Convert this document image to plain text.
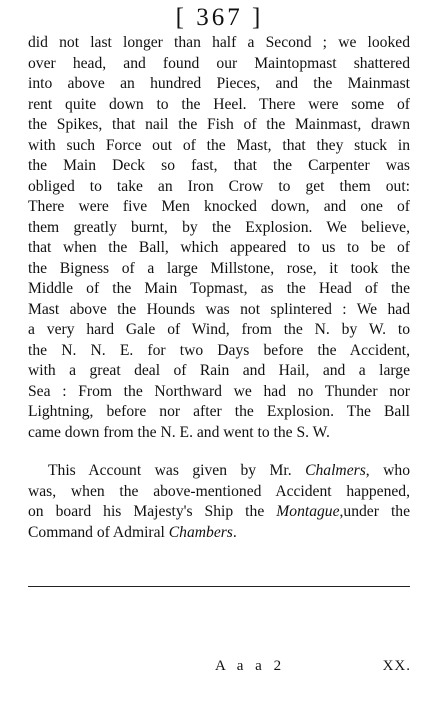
[ 367 ]
did not last longer than half a Second ; we looked
over head, and found our Maintopmast shattered
into above an hundred Pieces, and the Mainmast
rent quite down to the Heel. There were some of
the Spikes, that nail the Fish of the Mainmast, drawn
with such Force out of the Mast, that they stuck in
the Main Deck so fast, that the Carpenter was
obliged to take an Iron Crow to get them out:
There were five Men knocked down, and one of
them greatly burnt, by the Explosion. We believe,
that when the Ball, which appeared to us to be of
the Bigness of a large Millstone, rose, it took the
Middle of the Main Topmast, as the Head of the
Mast above the Hounds was not splintered : We had
a very hard Gale of Wind, from the N. by W. to
the N. N. E. for two Days before the Accident,
with a great deal of Rain and Hail, and a large
Sea : From the Northward we had no Thunder nor
Lightning, before nor after the Explosion. The Ball
came down from the N. E. and went to the S. W.
This Account was given by Mr. Chalmers, who
was, when the above-mentioned Accident happened,
on board his Majesty's Ship the Montague,under the
Command of Admiral Chambers.
A a a 2	XX.
